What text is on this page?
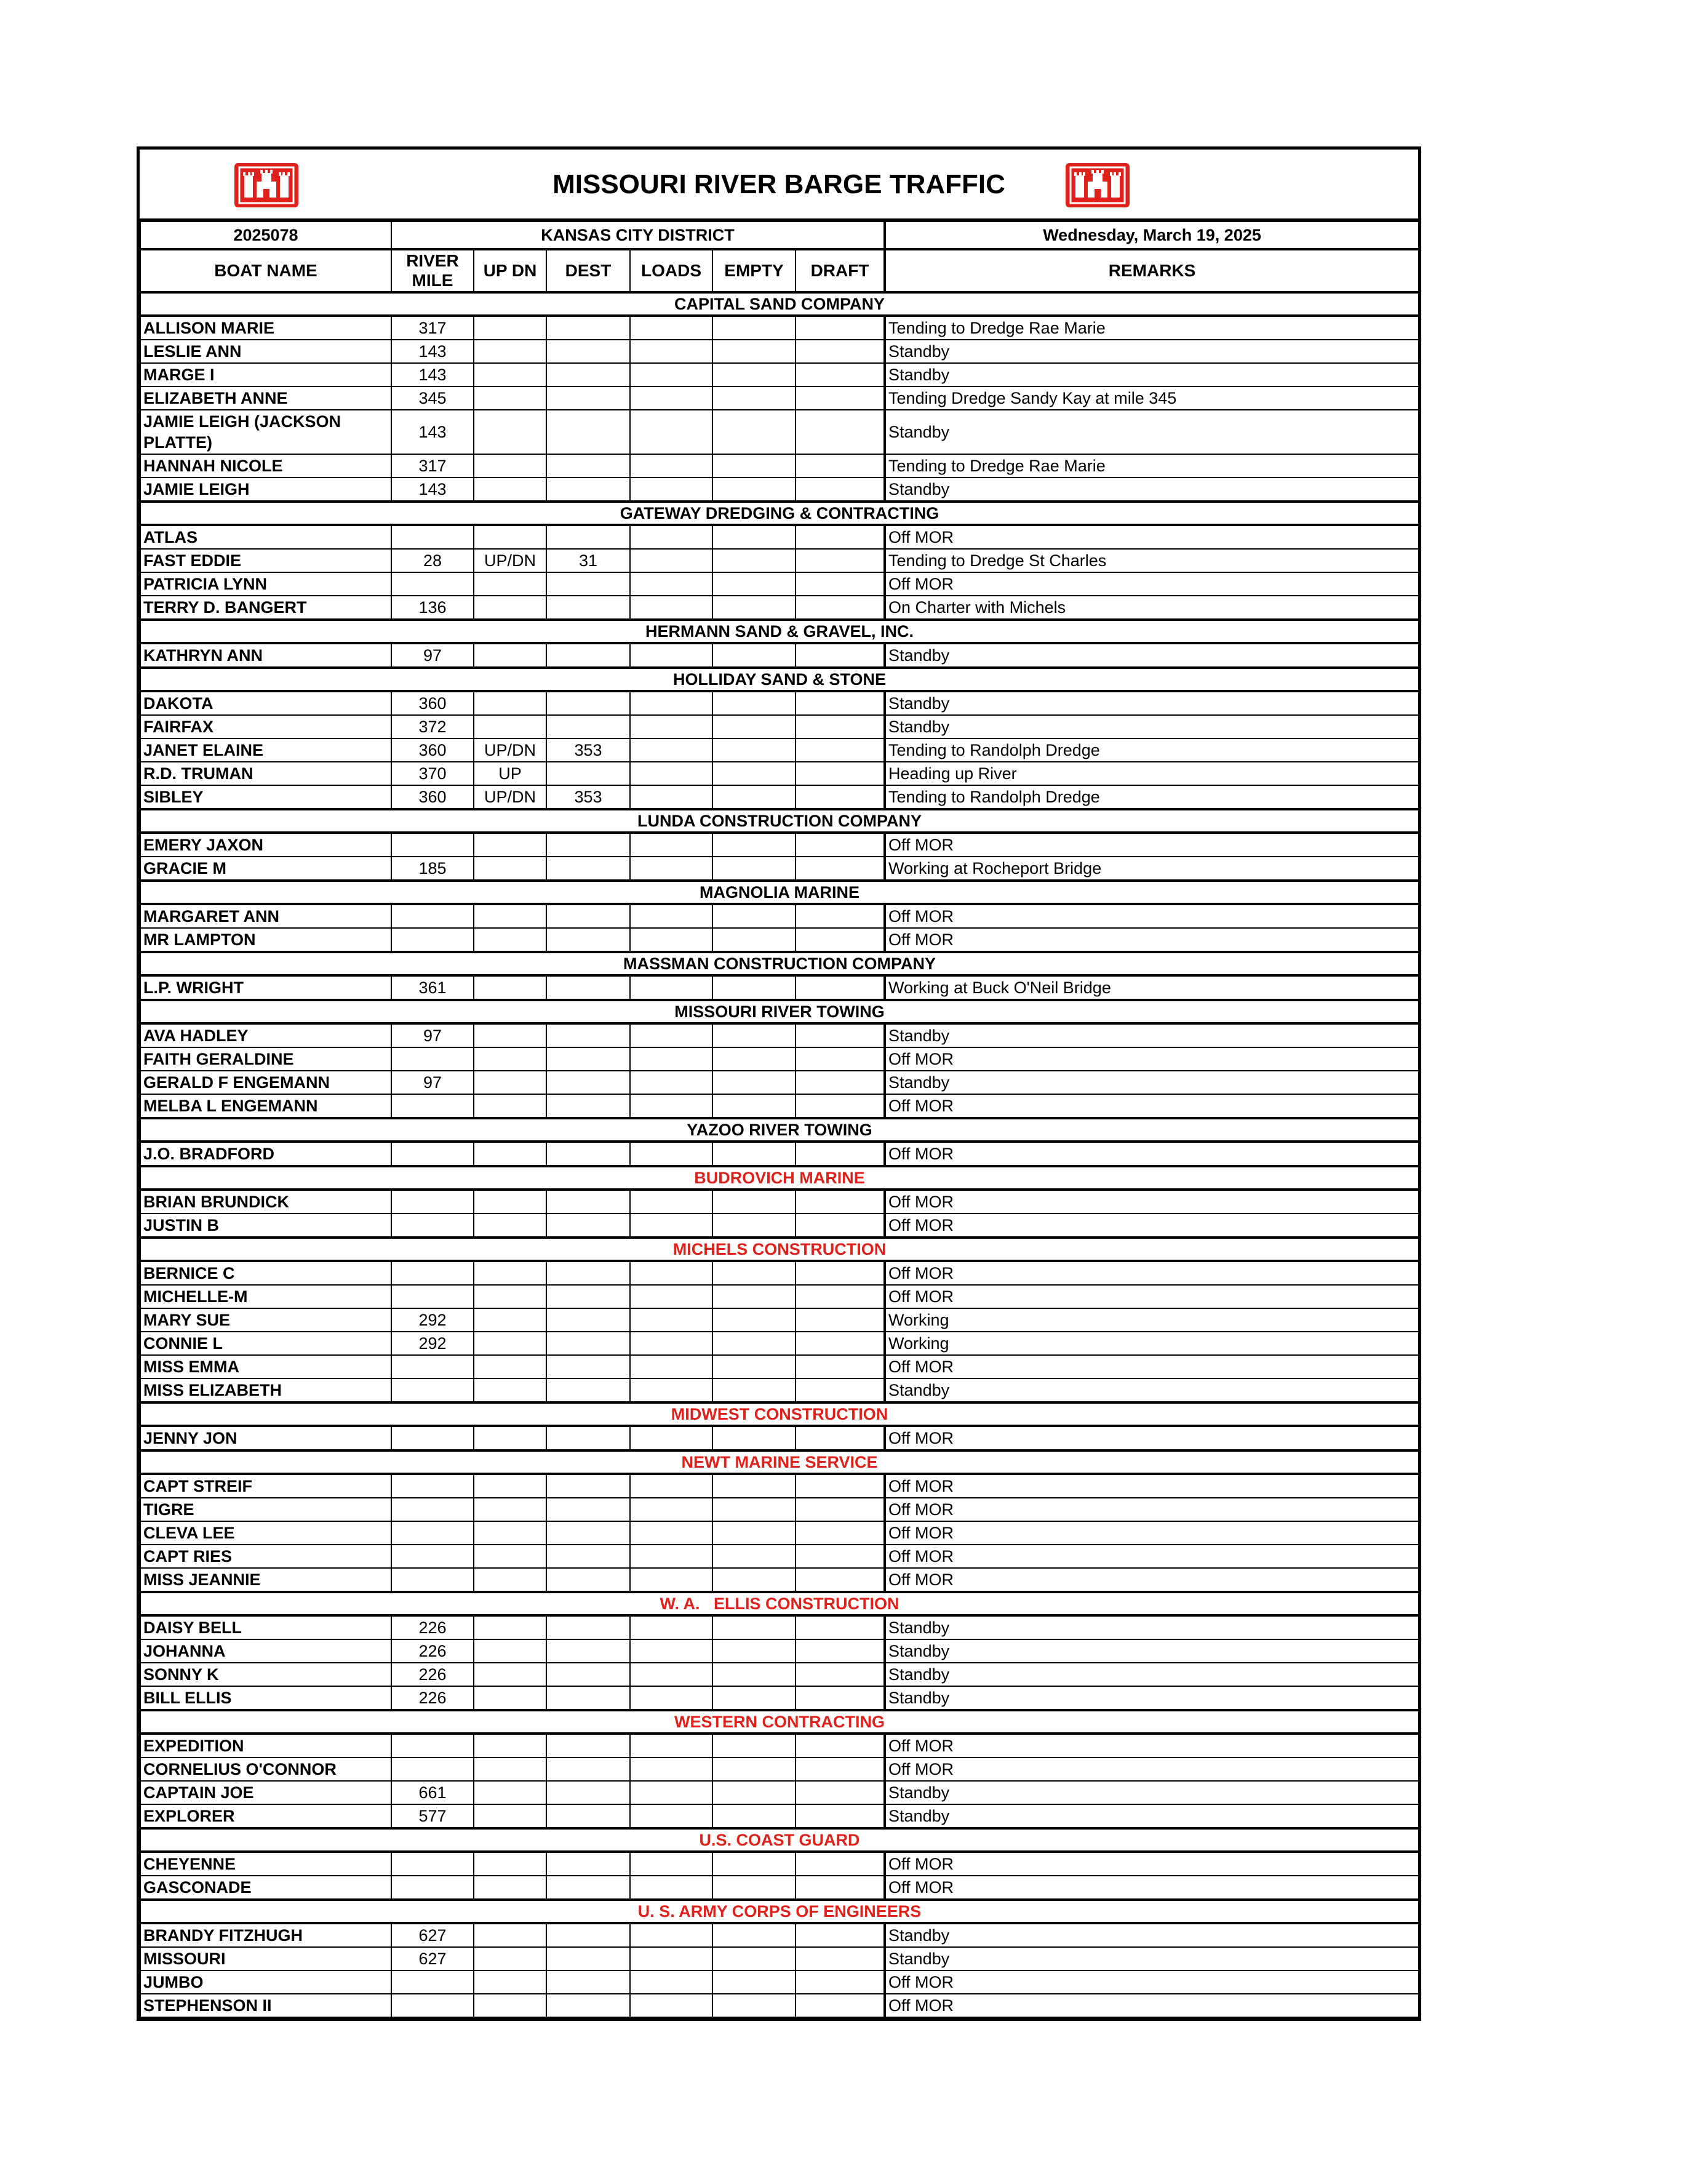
MISSOURI RIVER BARGE TRAFFIC
2025078	KANSAS CITY DISTRICT						Wednesday, March 19, 2025
BOAT NAME	RIVER MILE	UP DN	DEST	LOADS	EMPTY	DRAFT	REMARKS
CAPITAL SAND COMPANY							
ALLISON MARIE	317						Tending to Dredge Rae Marie
LESLIE ANN	143						Standby
MARGE I	143						Standby
ELIZABETH ANNE	345						Tending Dredge Sandy Kay at mile 345
JAMIE LEIGH (JACKSON PLATTE)	143						Standby
HANNAH NICOLE	317						Tending to Dredge Rae Marie
JAMIE LEIGH	143						Standby
GATEWAY DREDGING & CONTRACTING							
ATLAS							Off MOR
FAST EDDIE	28	UP/DN	31				Tending to Dredge St Charles
PATRICIA LYNN							Off MOR
TERRY D. BANGERT	136						On Charter with Michels
HERMANN SAND & GRAVEL, INC.							
KATHRYN ANN	97						Standby
HOLLIDAY SAND & STONE							
DAKOTA	360						Standby
FAIRFAX	372						Standby
JANET ELAINE	360	UP/DN	353				Tending to Randolph Dredge
R.D. TRUMAN	370	UP					Heading up River
SIBLEY	360	UP/DN	353				Tending to Randolph Dredge
LUNDA CONSTRUCTION COMPANY							
EMERY JAXON							Off MOR
GRACIE M	185						Working at Rocheport Bridge
MAGNOLIA MARINE							
MARGARET ANN							Off MOR
MR LAMPTON							Off MOR
MASSMAN CONSTRUCTION COMPANY							
L.P. WRIGHT	361						Working at Buck O'Neil Bridge
MISSOURI RIVER TOWING							
AVA HADLEY	97						Standby
FAITH GERALDINE							Off MOR
GERALD F ENGEMANN	97						Standby
MELBA L ENGEMANN							Off MOR
YAZOO RIVER TOWING							
J.O. BRADFORD							Off MOR
BUDROVICH MARINE							
BRIAN BRUNDICK							Off MOR
JUSTIN B							Off MOR
MICHELS CONSTRUCTION							
BERNICE C							Off MOR
MICHELLE-M							Off MOR
MARY SUE	292						Working
CONNIE L	292						Working
MISS EMMA							Off MOR
MISS ELIZABETH							Standby
MIDWEST CONSTRUCTION							
JENNY JON							Off MOR
NEWT MARINE SERVICE							
CAPT STREIF							Off MOR
TIGRE							Off MOR
CLEVA LEE							Off MOR
CAPT RIES							Off MOR
MISS JEANNIE							Off MOR
W. A.   ELLIS CONSTRUCTION							
DAISY BELL	226						Standby
JOHANNA	226						Standby
SONNY K	226						Standby
BILL ELLIS	226						Standby
WESTERN CONTRACTING							
EXPEDITION							Off MOR
CORNELIUS O'CONNOR							Off MOR
CAPTAIN JOE	661						Standby
EXPLORER	577						Standby
U.S. COAST GUARD							
CHEYENNE							Off MOR
GASCONADE							Off MOR
U. S. ARMY CORPS OF ENGINEERS							
BRANDY FITZHUGH	627						Standby
MISSOURI	627						Standby
JUMBO							Off MOR
STEPHENSON II							Off MOR
